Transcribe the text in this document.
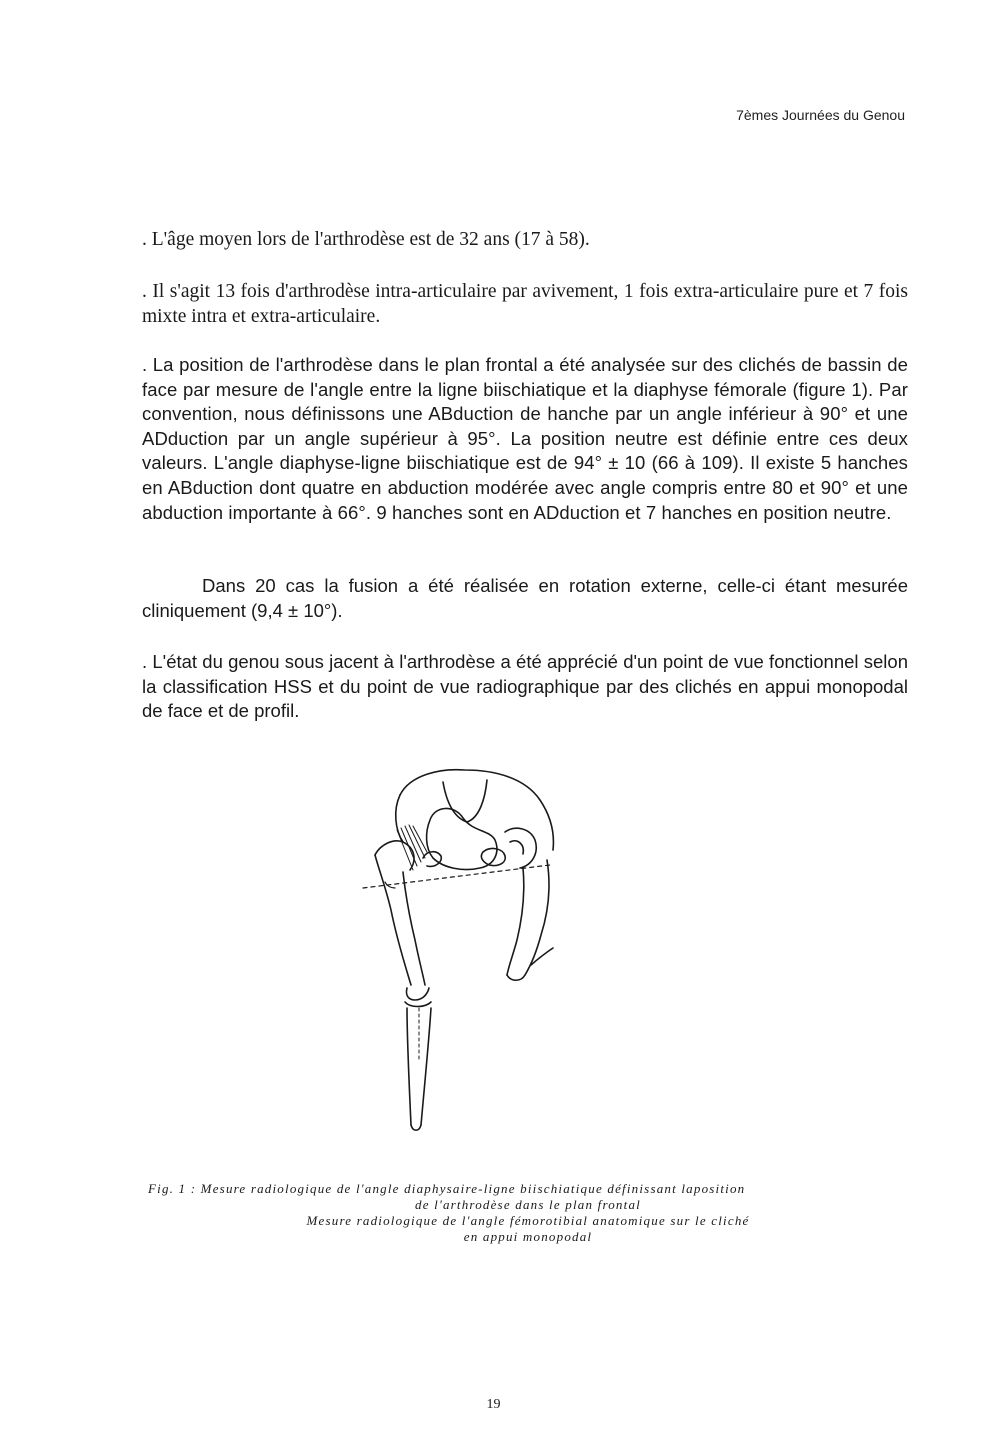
7èmes Journées du Genou

. L'âge moyen lors de l'arthrodèse est de 32 ans (17 à 58).

. Il s'agit 13 fois d'arthrodèse intra-articulaire par avivement, 1 fois extra-articulaire pure et 7 fois mixte intra et extra-articulaire.

. La position de l'arthrodèse dans le plan frontal a été analysée sur des clichés de bassin de face par mesure de l'angle entre la ligne biischiatique et la diaphyse fémorale (figure 1). Par convention, nous définissons une ABduction de hanche par un angle inférieur à 90° et une ADduction par un angle supérieur à 95°. La position neutre est définie entre ces deux valeurs. L'angle diaphyse-ligne biischiatique est de 94° ± 10 (66 à 109). Il existe 5 hanches en ABduction dont quatre en abduction modérée avec angle compris entre 80 et 90° et une abduction importante à 66°. 9 hanches sont en ADduction et 7 hanches en position neutre.

Dans 20 cas la fusion a été réalisée en rotation externe, celle-ci étant mesurée cliniquement (9,4 ± 10°).

. L'état du genou sous jacent à l'arthrodèse a été apprécié d'un point de vue fonctionnel selon la classification HSS et du point de vue radiographique par des clichés en appui monopodal de face et de profil.

Fig. 1 : Mesure radiologique de l'angle diaphysaire-ligne biischiatique définissant laposition
de l'arthrodèse dans le plan frontal
Mesure radiologique de l'angle fémorotibial anatomique sur le cliché
en appui monopodal
19
